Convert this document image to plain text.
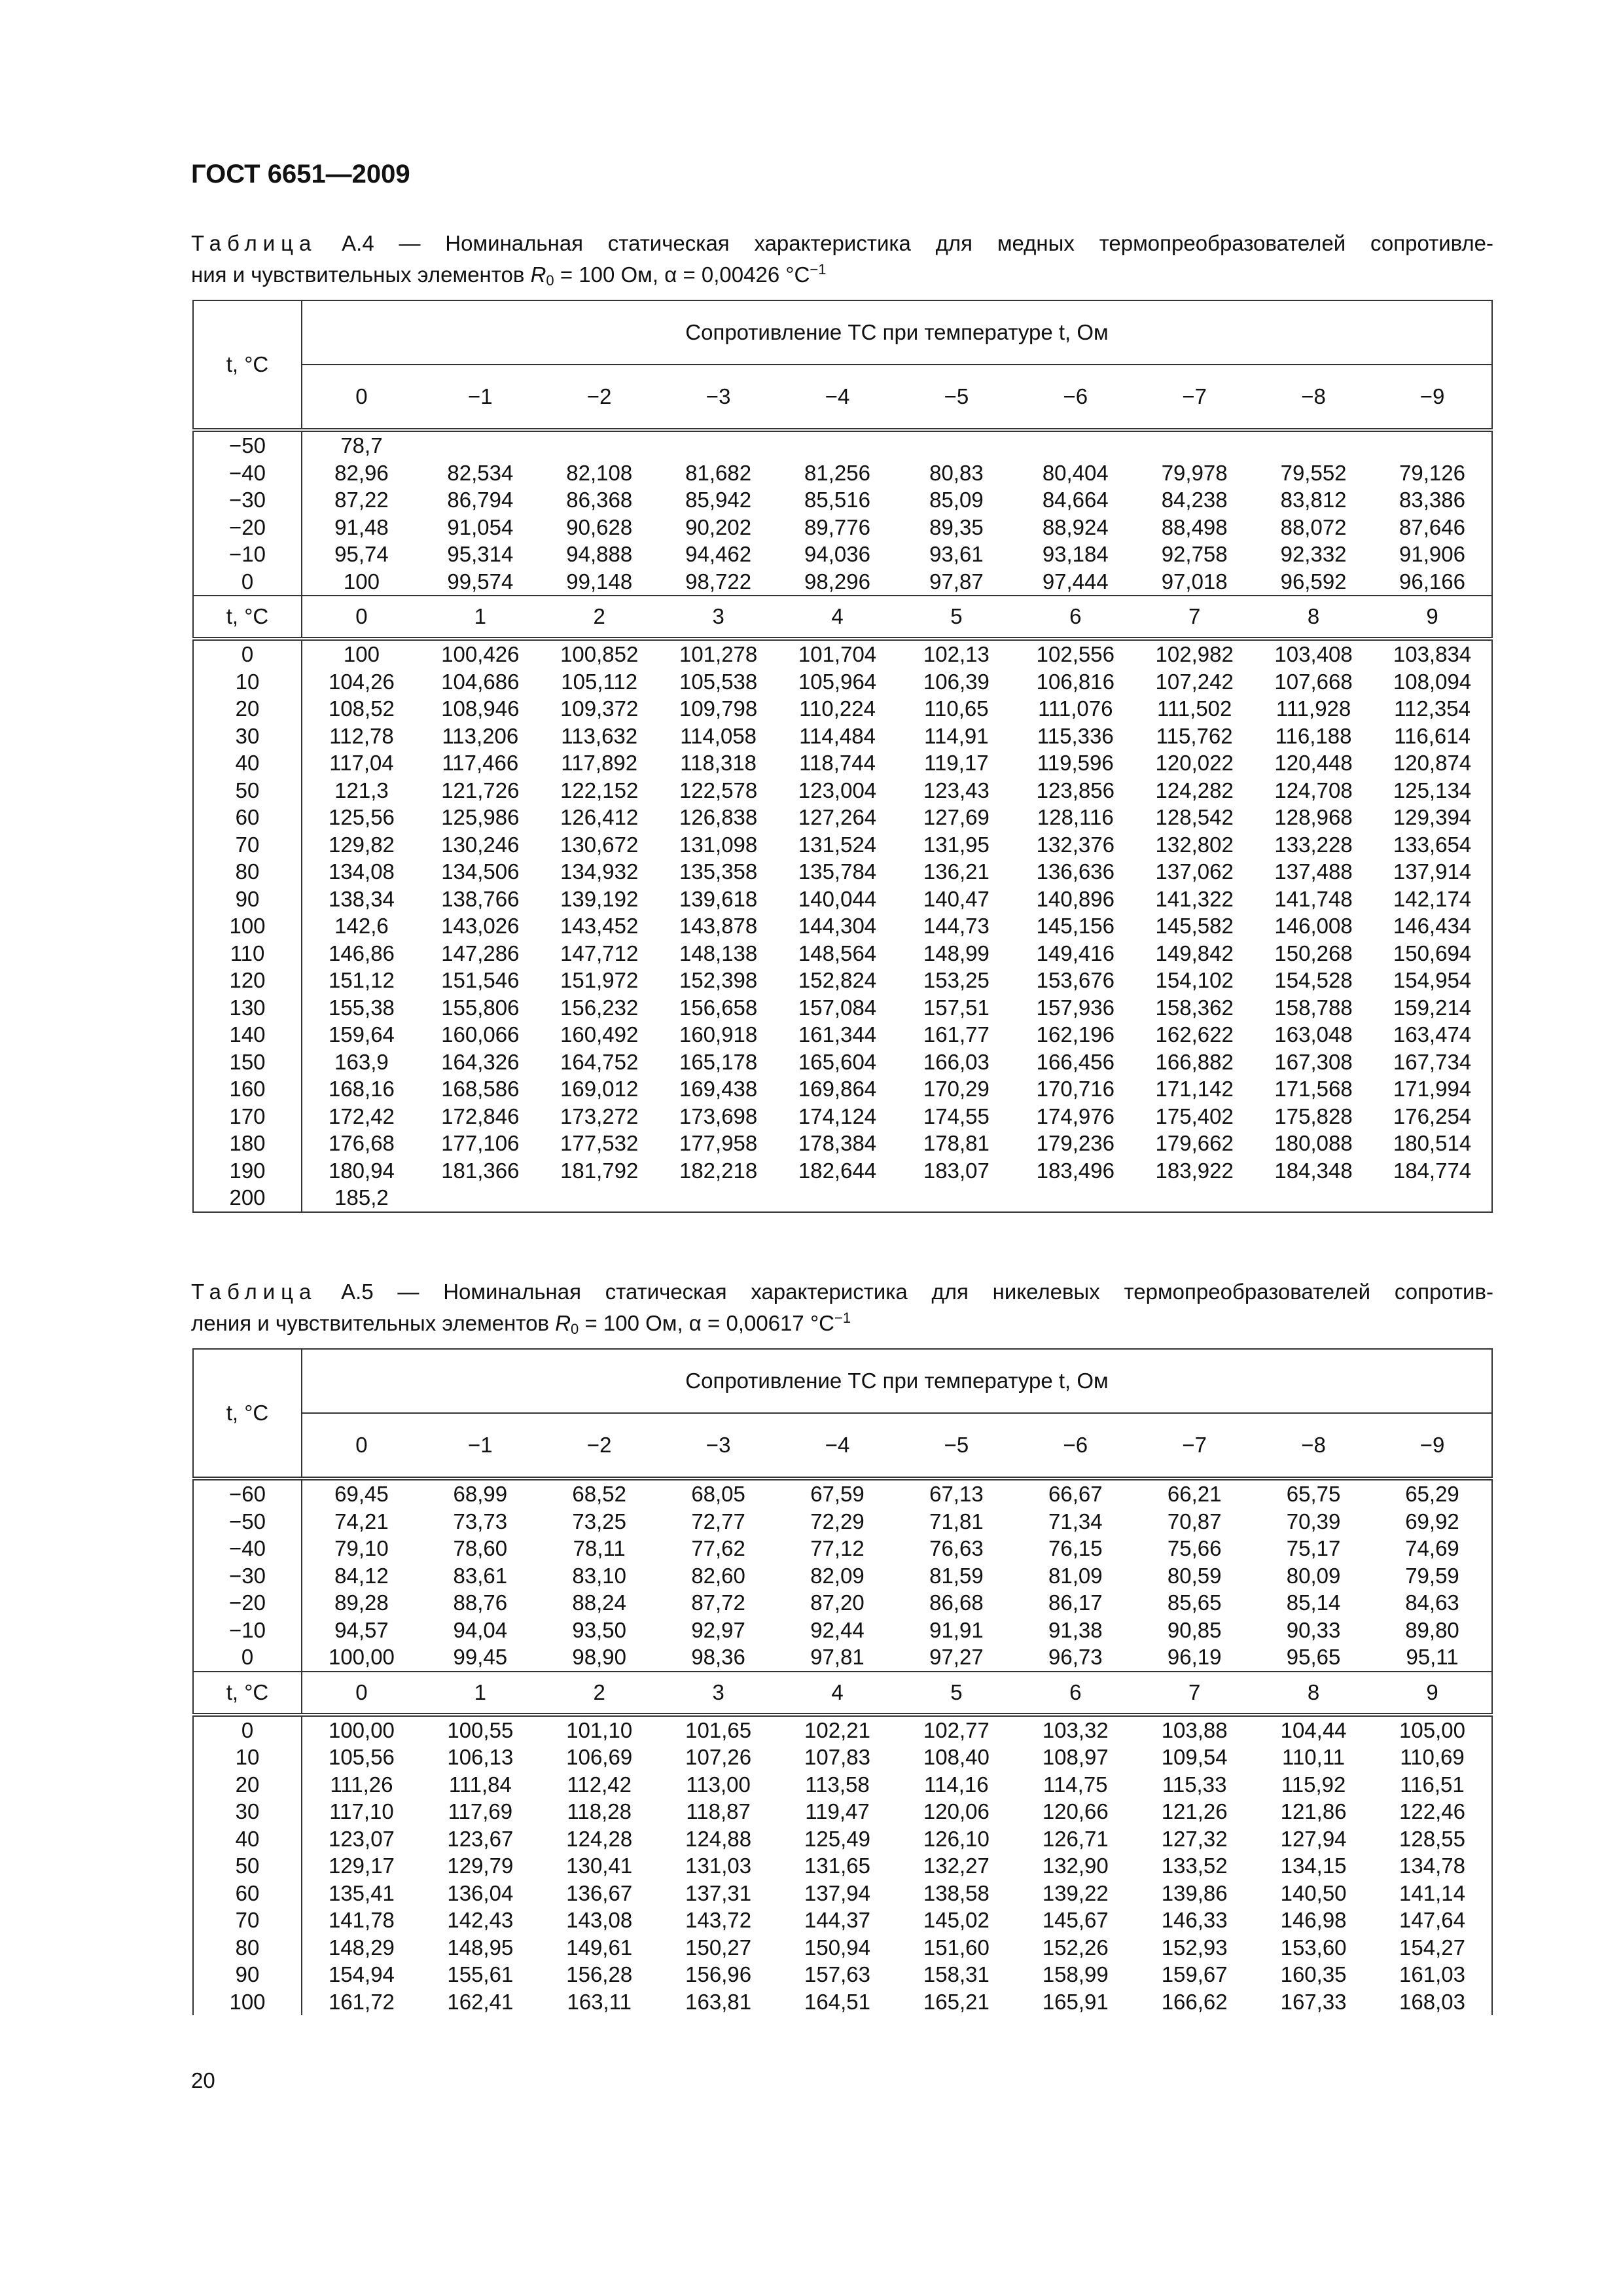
ГОСТ 6651—2009
Таблица А.4 — Номинальная статическая характеристика для медных термопреобразователей сопротивле-
ния и чувствительных элементов $R_0 = 100$ Ом, α = 0,00426 $^\circ С^{-1}$
t, °С	Сопротивление ТС при температуре t, Ом									
	0	−1	−2	−3	−4	−5	−6	−7	−8	−9
−50	78,7									
−40	82,96	82,534	82,108	81,682	81,256	80,83	80,404	79,978	79,552	79,126
−30	87,22	86,794	86,368	85,942	85,516	85,09	84,664	84,238	83,812	83,386
−20	91,48	91,054	90,628	90,202	89,776	89,35	88,924	88,498	88,072	87,646
−10	95,74	95,314	94,888	94,462	94,036	93,61	93,184	92,758	92,332	91,906
0	100	99,574	99,148	98,722	98,296	97,87	97,444	97,018	96,592	96,166
t, °С	0	1	2	3	4	5	6	7	8	9
0	100	100,426	100,852	101,278	101,704	102,13	102,556	102,982	103,408	103,834
10	104,26	104,686	105,112	105,538	105,964	106,39	106,816	107,242	107,668	108,094
20	108,52	108,946	109,372	109,798	110,224	110,65	111,076	111,502	111,928	112,354
30	112,78	113,206	113,632	114,058	114,484	114,91	115,336	115,762	116,188	116,614
40	117,04	117,466	117,892	118,318	118,744	119,17	119,596	120,022	120,448	120,874
50	121,3	121,726	122,152	122,578	123,004	123,43	123,856	124,282	124,708	125,134
60	125,56	125,986	126,412	126,838	127,264	127,69	128,116	128,542	128,968	129,394
70	129,82	130,246	130,672	131,098	131,524	131,95	132,376	132,802	133,228	133,654
80	134,08	134,506	134,932	135,358	135,784	136,21	136,636	137,062	137,488	137,914
90	138,34	138,766	139,192	139,618	140,044	140,47	140,896	141,322	141,748	142,174
100	142,6	143,026	143,452	143,878	144,304	144,73	145,156	145,582	146,008	146,434
110	146,86	147,286	147,712	148,138	148,564	148,99	149,416	149,842	150,268	150,694
120	151,12	151,546	151,972	152,398	152,824	153,25	153,676	154,102	154,528	154,954
130	155,38	155,806	156,232	156,658	157,084	157,51	157,936	158,362	158,788	159,214
140	159,64	160,066	160,492	160,918	161,344	161,77	162,196	162,622	163,048	163,474
150	163,9	164,326	164,752	165,178	165,604	166,03	166,456	166,882	167,308	167,734
160	168,16	168,586	169,012	169,438	169,864	170,29	170,716	171,142	171,568	171,994
170	172,42	172,846	173,272	173,698	174,124	174,55	174,976	175,402	175,828	176,254
180	176,68	177,106	177,532	177,958	178,384	178,81	179,236	179,662	180,088	180,514
190	180,94	181,366	181,792	182,218	182,644	183,07	183,496	183,922	184,348	184,774
200	185,2									
Таблица А.5 — Номинальная статическая характеристика для никелевых термопреобразователей сопротив-
ления и чувствительных элементов $R_0 = 100$ Ом, α = 0,00617 $^\circ С^{-1}$
t, °С	Сопротивление ТС при температуре t, Ом									
	0	−1	−2	−3	−4	−5	−6	−7	−8	−9
−60	69,45	68,99	68,52	68,05	67,59	67,13	66,67	66,21	65,75	65,29
−50	74,21	73,73	73,25	72,77	72,29	71,81	71,34	70,87	70,39	69,92
−40	79,10	78,60	78,11	77,62	77,12	76,63	76,15	75,66	75,17	74,69
−30	84,12	83,61	83,10	82,60	82,09	81,59	81,09	80,59	80,09	79,59
−20	89,28	88,76	88,24	87,72	87,20	86,68	86,17	85,65	85,14	84,63
−10	94,57	94,04	93,50	92,97	92,44	91,91	91,38	90,85	90,33	89,80
0	100,00	99,45	98,90	98,36	97,81	97,27	96,73	96,19	95,65	95,11
t, °С	0	1	2	3	4	5	6	7	8	9
0	100,00	100,55	101,10	101,65	102,21	102,77	103,32	103,88	104,44	105,00
10	105,56	106,13	106,69	107,26	107,83	108,40	108,97	109,54	110,11	110,69
20	111,26	111,84	112,42	113,00	113,58	114,16	114,75	115,33	115,92	116,51
30	117,10	117,69	118,28	118,87	119,47	120,06	120,66	121,26	121,86	122,46
40	123,07	123,67	124,28	124,88	125,49	126,10	126,71	127,32	127,94	128,55
50	129,17	129,79	130,41	131,03	131,65	132,27	132,90	133,52	134,15	134,78
60	135,41	136,04	136,67	137,31	137,94	138,58	139,22	139,86	140,50	141,14
70	141,78	142,43	143,08	143,72	144,37	145,02	145,67	146,33	146,98	147,64
80	148,29	148,95	149,61	150,27	150,94	151,60	152,26	152,93	153,60	154,27
90	154,94	155,61	156,28	156,96	157,63	158,31	158,99	159,67	160,35	161,03
100	161,72	162,41	163,11	163,81	164,51	165,21	165,91	166,62	167,33	168,03
20
